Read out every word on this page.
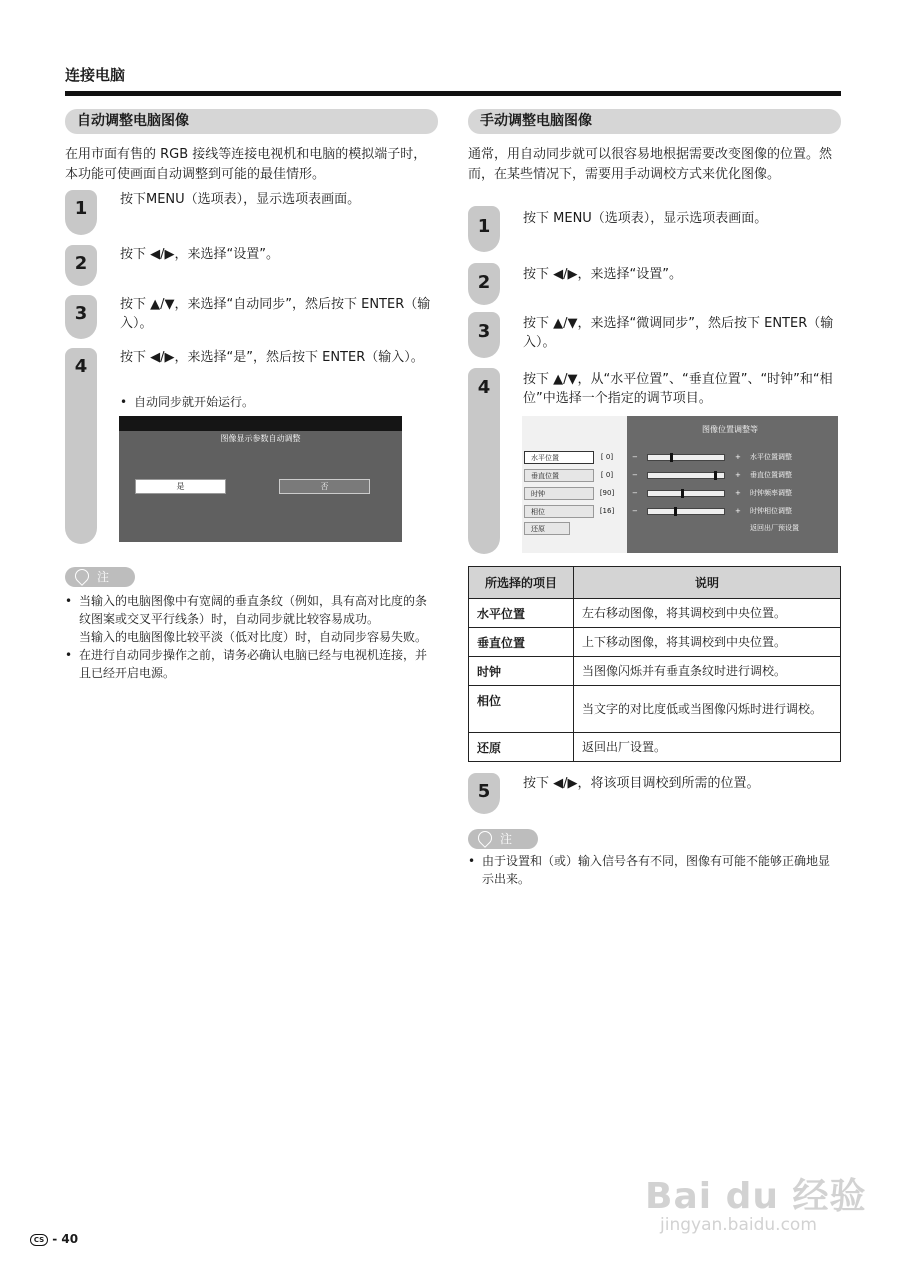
连接电脑
自动调整电脑图像
在用市面有售的 RGB 接线等连接电视机和电脑的模拟端子时，本功能可使画面自动调整到可能的最佳情形。
1	按下MENU（选项表），显示选项表画面。
2	按下 ◀/▶，来选择“设置”。
3	按下 ▲/▼，来选择“自动同步”，然后按下 ENTER（输入）。
4	按下 ◀/▶，来选择“是”，然后按下 ENTER（输入）。
• 自动同步就开始运行。
图像显示参数自动调整
是	否
注
• 当输入的电脑图像中有宽阔的垂直条纹（例如，具有高对比度的条纹图案或交叉平行线条）时，自动同步就比较容易成功。
当输入的电脑图像比较平淡（低对比度）时，自动同步容易失败。
• 在进行自动同步操作之前，请务必确认电脑已经与电视机连接，并且已经开启电源。
手动调整电脑图像
通常，用自动同步就可以很容易地根据需要改变图像的位置。然而，在某些情况下，需要用手动调校方式来优化图像。
1	按下 MENU（选项表），显示选项表画面。
2	按下 ◀/▶，来选择“设置”。
3	按下 ▲/▼，来选择“微调同步”，然后按下 ENTER（输入）。
4	按下 ▲/▼，从“水平位置”、“垂直位置”、“时钟”和“相位”中选择一个指定的调节项目。
图像位置调整等
水平位置	[ 0]	−	+ 水平位置调整
垂直位置	[ 0]	−	+ 垂直位置调整
时钟	[90]	−	+ 时钟频率调整
相位	[16]	−	+ 时钟相位调整
还原	返回出厂预设置
所选择的项目	说明
水平位置	左右移动图像，将其调校到中央位置。
垂直位置	上下移动图像，将其调校到中央位置。
时钟	当图像闪烁并有垂直条纹时进行调校。
相位	当文字的对比度低或当图像闪烁时进行调校。
还原	返回出厂设置。
5	按下 ◀/▶，将该项目调校到所需的位置。
注
• 由于设置和（或）输入信号各有不同，图像有可能不能够正确地显示出来。
Bai du 经验
jingyan.baidu.com
CS - 40
